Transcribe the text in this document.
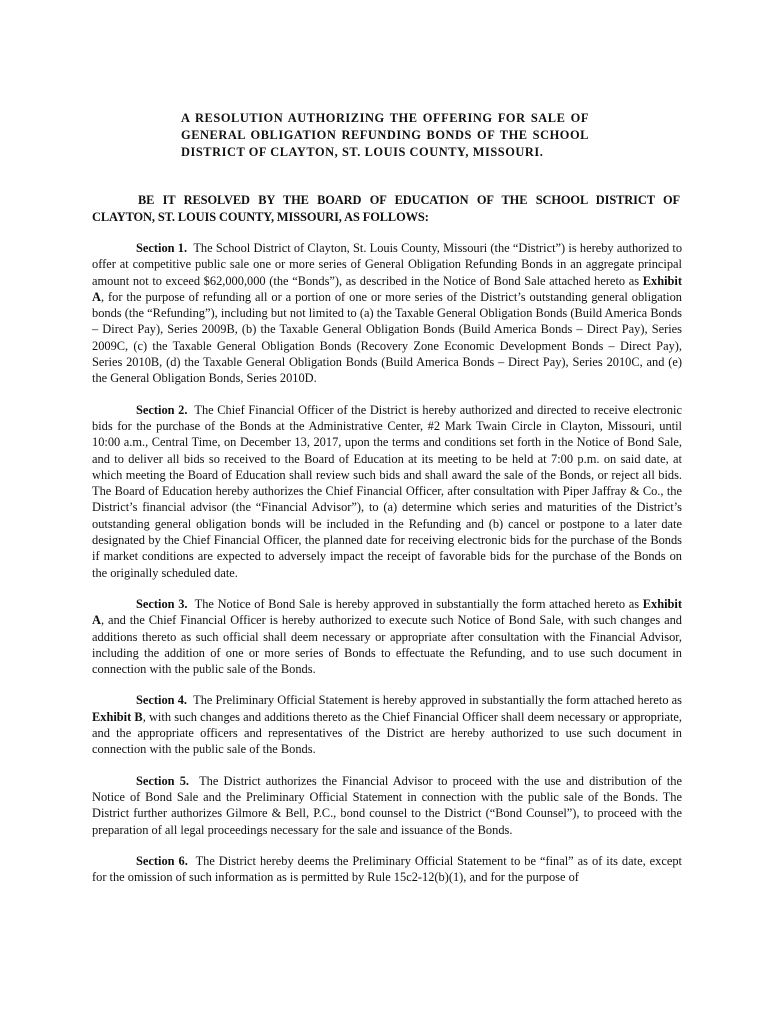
A RESOLUTION AUTHORIZING THE OFFERING FOR SALE OF GENERAL OBLIGATION REFUNDING BONDS OF THE SCHOOL DISTRICT OF CLAYTON, ST. LOUIS COUNTY, MISSOURI.
BE IT RESOLVED BY THE BOARD OF EDUCATION OF THE SCHOOL DISTRICT OF CLAYTON, ST. LOUIS COUNTY, MISSOURI, AS FOLLOWS:

Section 1. The School District of Clayton, St. Louis County, Missouri (the “District”) is hereby authorized to offer at competitive public sale one or more series of General Obligation Refunding Bonds in an aggregate principal amount not to exceed $62,000,000 (the “Bonds”), as described in the Notice of Bond Sale attached hereto as Exhibit A, for the purpose of refunding all or a portion of one or more series of the District’s outstanding general obligation bonds (the “Refunding”), including but not limited to (a) the Taxable General Obligation Bonds (Build America Bonds – Direct Pay), Series 2009B, (b) the Taxable General Obligation Bonds (Build America Bonds – Direct Pay), Series 2009C, (c) the Taxable General Obligation Bonds (Recovery Zone Economic Development Bonds – Direct Pay), Series 2010B, (d) the Taxable General Obligation Bonds (Build America Bonds – Direct Pay), Series 2010C, and (e) the General Obligation Bonds, Series 2010D.

Section 2. The Chief Financial Officer of the District is hereby authorized and directed to receive electronic bids for the purchase of the Bonds at the Administrative Center, #2 Mark Twain Circle in Clayton, Missouri, until 10:00 a.m., Central Time, on December 13, 2017, upon the terms and conditions set forth in the Notice of Bond Sale, and to deliver all bids so received to the Board of Education at its meeting to be held at 7:00 p.m. on said date, at which meeting the Board of Education shall review such bids and shall award the sale of the Bonds, or reject all bids. The Board of Education hereby authorizes the Chief Financial Officer, after consultation with Piper Jaffray & Co., the District’s financial advisor (the “Financial Advisor”), to (a) determine which series and maturities of the District’s outstanding general obligation bonds will be included in the Refunding and (b) cancel or postpone to a later date designated by the Chief Financial Officer, the planned date for receiving electronic bids for the purchase of the Bonds if market conditions are expected to adversely impact the receipt of favorable bids for the purchase of the Bonds on the originally scheduled date.

Section 3. The Notice of Bond Sale is hereby approved in substantially the form attached hereto as Exhibit A, and the Chief Financial Officer is hereby authorized to execute such Notice of Bond Sale, with such changes and additions thereto as such official shall deem necessary or appropriate after consultation with the Financial Advisor, including the addition of one or more series of Bonds to effectuate the Refunding, and to use such document in connection with the public sale of the Bonds.

Section 4. The Preliminary Official Statement is hereby approved in substantially the form attached hereto as Exhibit B, with such changes and additions thereto as the Chief Financial Officer shall deem necessary or appropriate, and the appropriate officers and representatives of the District are hereby authorized to use such document in connection with the public sale of the Bonds.

Section 5. The District authorizes the Financial Advisor to proceed with the use and distribution of the Notice of Bond Sale and the Preliminary Official Statement in connection with the public sale of the Bonds. The District further authorizes Gilmore & Bell, P.C., bond counsel to the District (“Bond Counsel”), to proceed with the preparation of all legal proceedings necessary for the sale and issuance of the Bonds.

Section 6. The District hereby deems the Preliminary Official Statement to be “final” as of its date, except for the omission of such information as is permitted by Rule 15c2-12(b)(1), and for the purpose of
